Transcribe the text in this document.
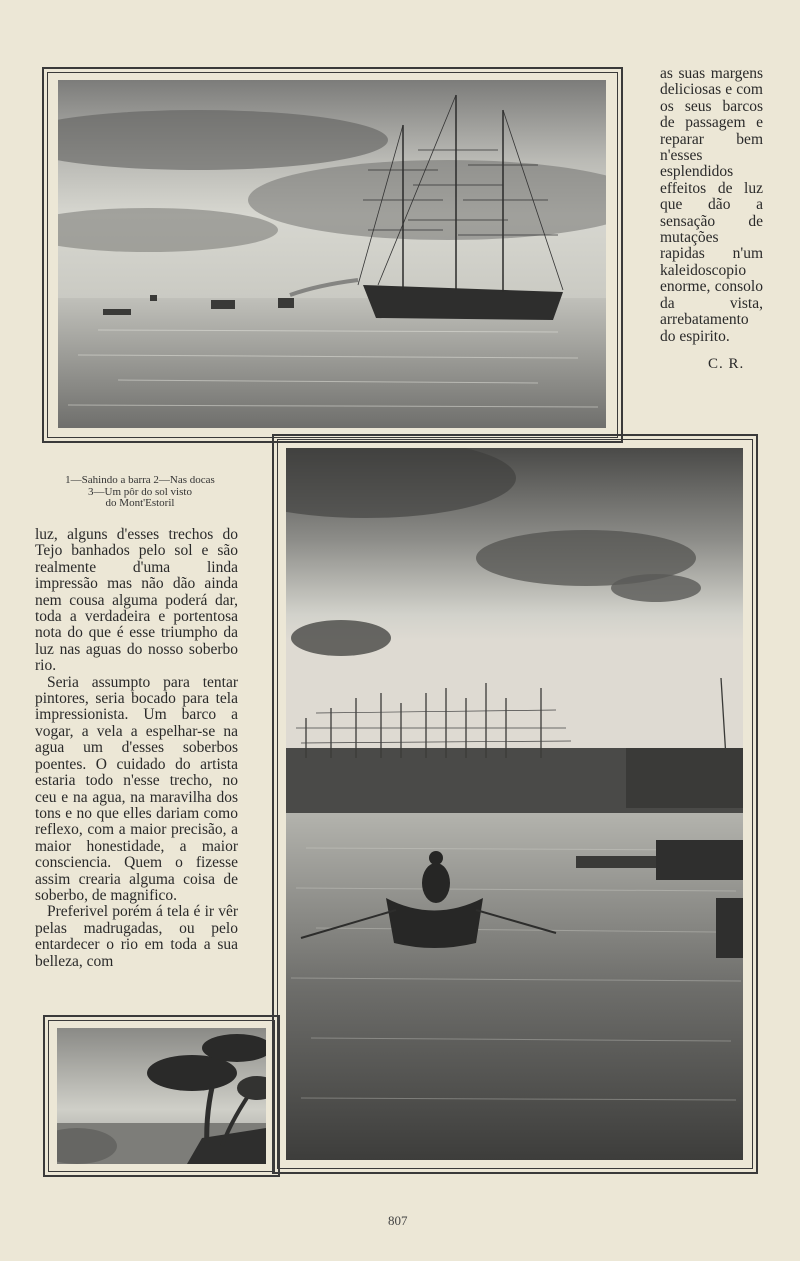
as suas margens deliciosas e com os seus barcos de passagem e reparar bem n'esses esplendidos effeitos de luz que dão a sensação de mutações rapidas n'um kaleidoscopio enorme, consolo da vista, arrebatamento do espirito.

C. R.
1—Sahindo a barra 2—Nas docas
3—Um pôr do sol visto
do Mont'Estoril

luz, alguns d'esses trechos do Tejo banhados pelo sol e são realmente d'uma linda impressão mas não dão ainda nem cousa alguma poderá dar, toda a verdadeira e portentosa nota do que é esse triumpho da luz nas aguas do nosso soberbo rio.

Seria assumpto para tentar pintores, seria bocado para tela impressionista. Um barco a vogar, a vela a espelhar-se na agua um d'esses soberbos poentes. O cuidado do artista estaria todo n'esse trecho, no ceu e na agua, na maravilha dos tons e no que elles dariam como reflexo, com a maior precisão, a maior honestidade, a maior consciencia. Quem o fizesse assim crearia alguma coisa de soberbo, de magnifico.

Preferivel porém á tela é ir vêr pelas madrugadas, ou pelo entardecer o rio em toda a sua belleza, com

807
